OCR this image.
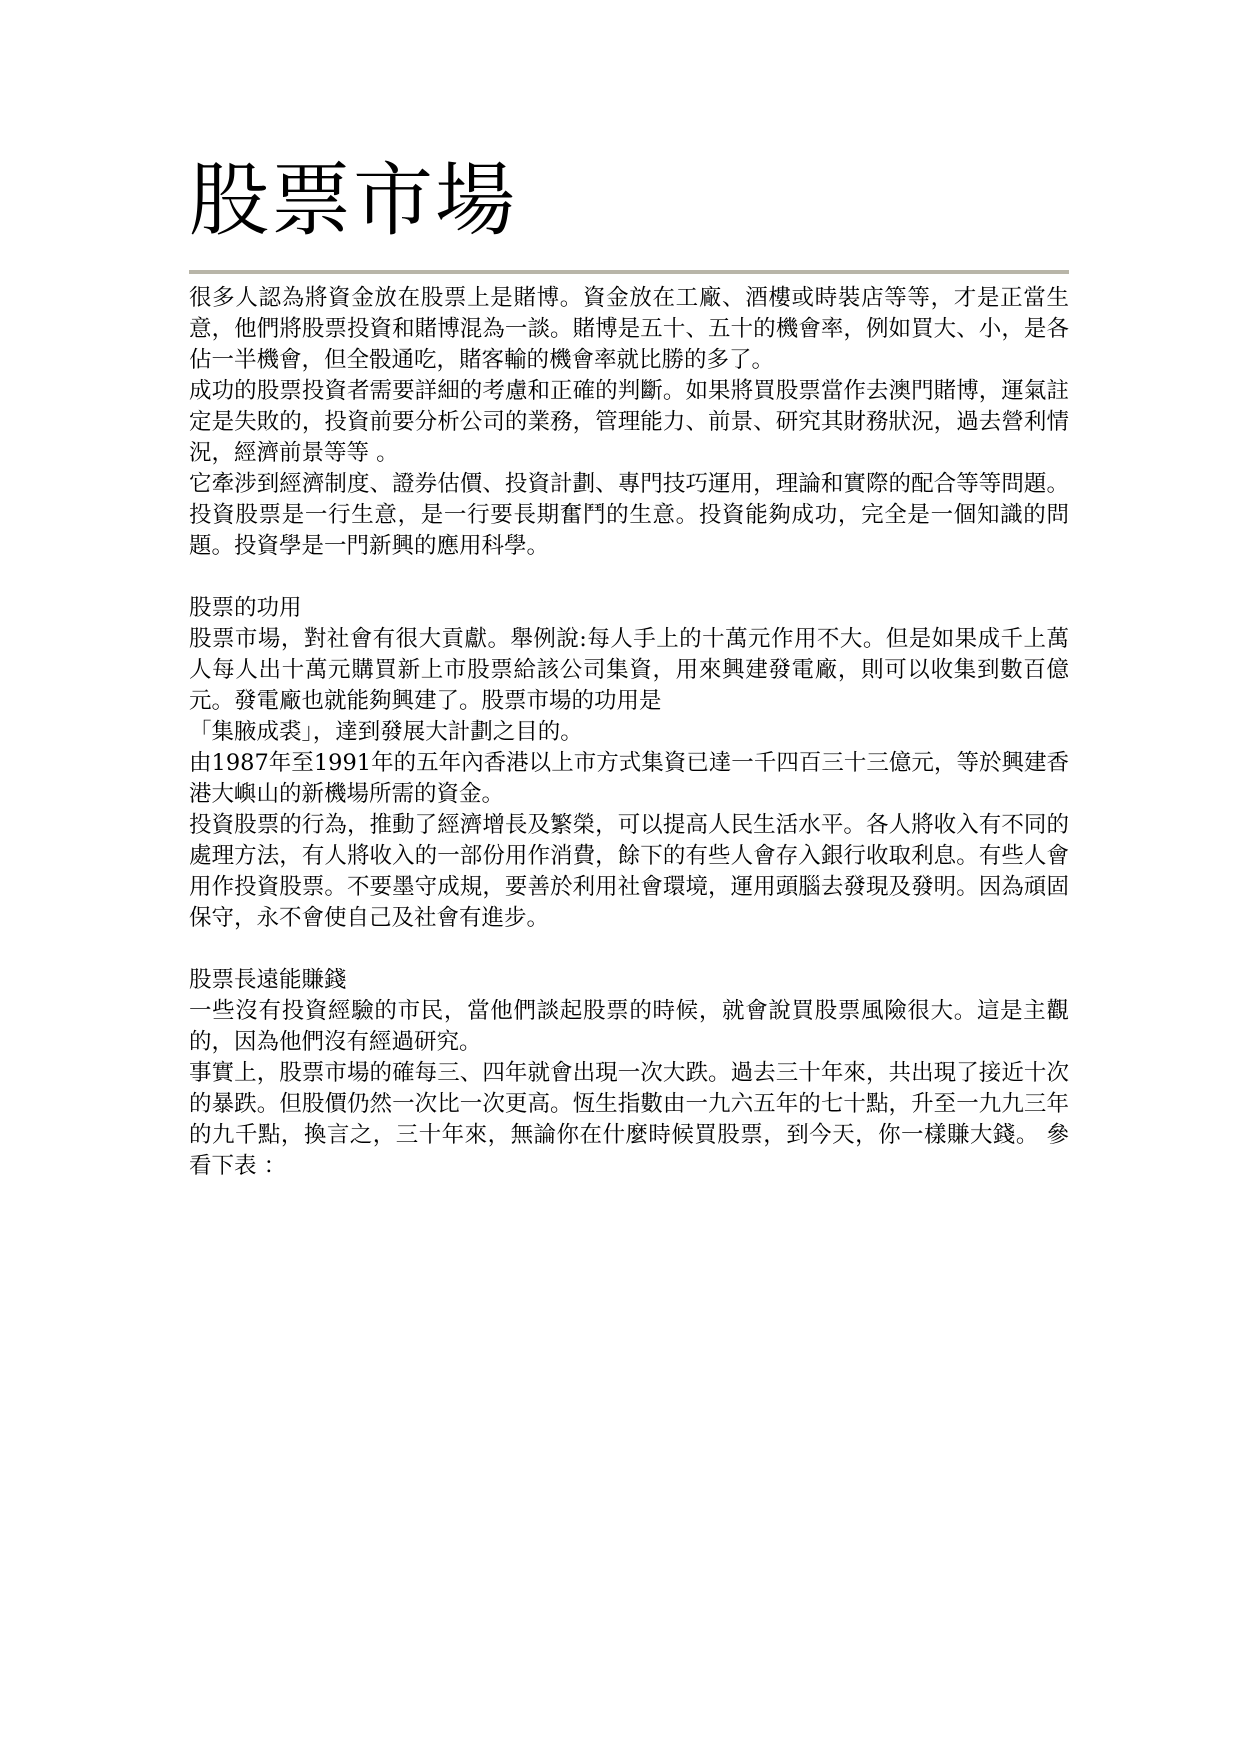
股票市場

很多人認為將資金放在股票上是賭博。資金放在工廠、酒樓或時裝店等等，才是正當生意，他們將股票投資和賭博混為一談。賭博是五十、五十的機會率，例如買大、小，是各佔一半機會，但全骰通吃，賭客輸的機會率就比勝的多了。

成功的股票投資者需要詳細的考慮和正確的判斷。如果將買股票當作去澳門賭博，運氣註定是失敗的，投資前要分析公司的業務，管理能力、前景、研究其財務狀況，過去營利情況，經濟前景等等 。

它牽涉到經濟制度、證券估價、投資計劃、專門技巧運用，理論和實際的配合等等問題。投資股票是一行生意，是一行要長期奮鬥的生意。投資能夠成功，完全是一個知識的問題。投資學是一門新興的應用科學。

股票的功用

股票市場，對社會有很大貢獻。舉例說:每人手上的十萬元作用不大。但是如果成千上萬人每人出十萬元購買新上市股票給該公司集資，用來興建發電廠，則可以收集到數百億元。發電廠也就能夠興建了。股票市場的功用是

「集腋成裘」，達到發展大計劃之目的。

由1987年至1991年的五年內香港以上市方式集資已達一千四百三十三億元，等於興建香港大嶼山的新機場所需的資金。

投資股票的行為，推動了經濟增長及繁榮，可以提高人民生活水平。各人將收入有不同的處理方法，有人將收入的一部份用作消費，餘下的有些人會存入銀行收取利息。有些人會用作投資股票。不要墨守成規，要善於利用社會環境，運用頭腦去發現及發明。因為頑固保守，永不會使自己及社會有進步。

股票長遠能賺錢

一些沒有投資經驗的市民，當他們談起股票的時候，就會說買股票風險很大。這是主觀的，因為他們沒有經過研究。

事實上，股票市場的確每三、四年就會出現一次大跌。過去三十年來，共出現了接近十次的暴跌。但股價仍然一次比一次更高。恆生指數由一九六五年的七十點，升至一九九三年的九千點，換言之，三十年來，無論你在什麼時候買股票，到今天，你一樣賺大錢。 參看下表 ：
